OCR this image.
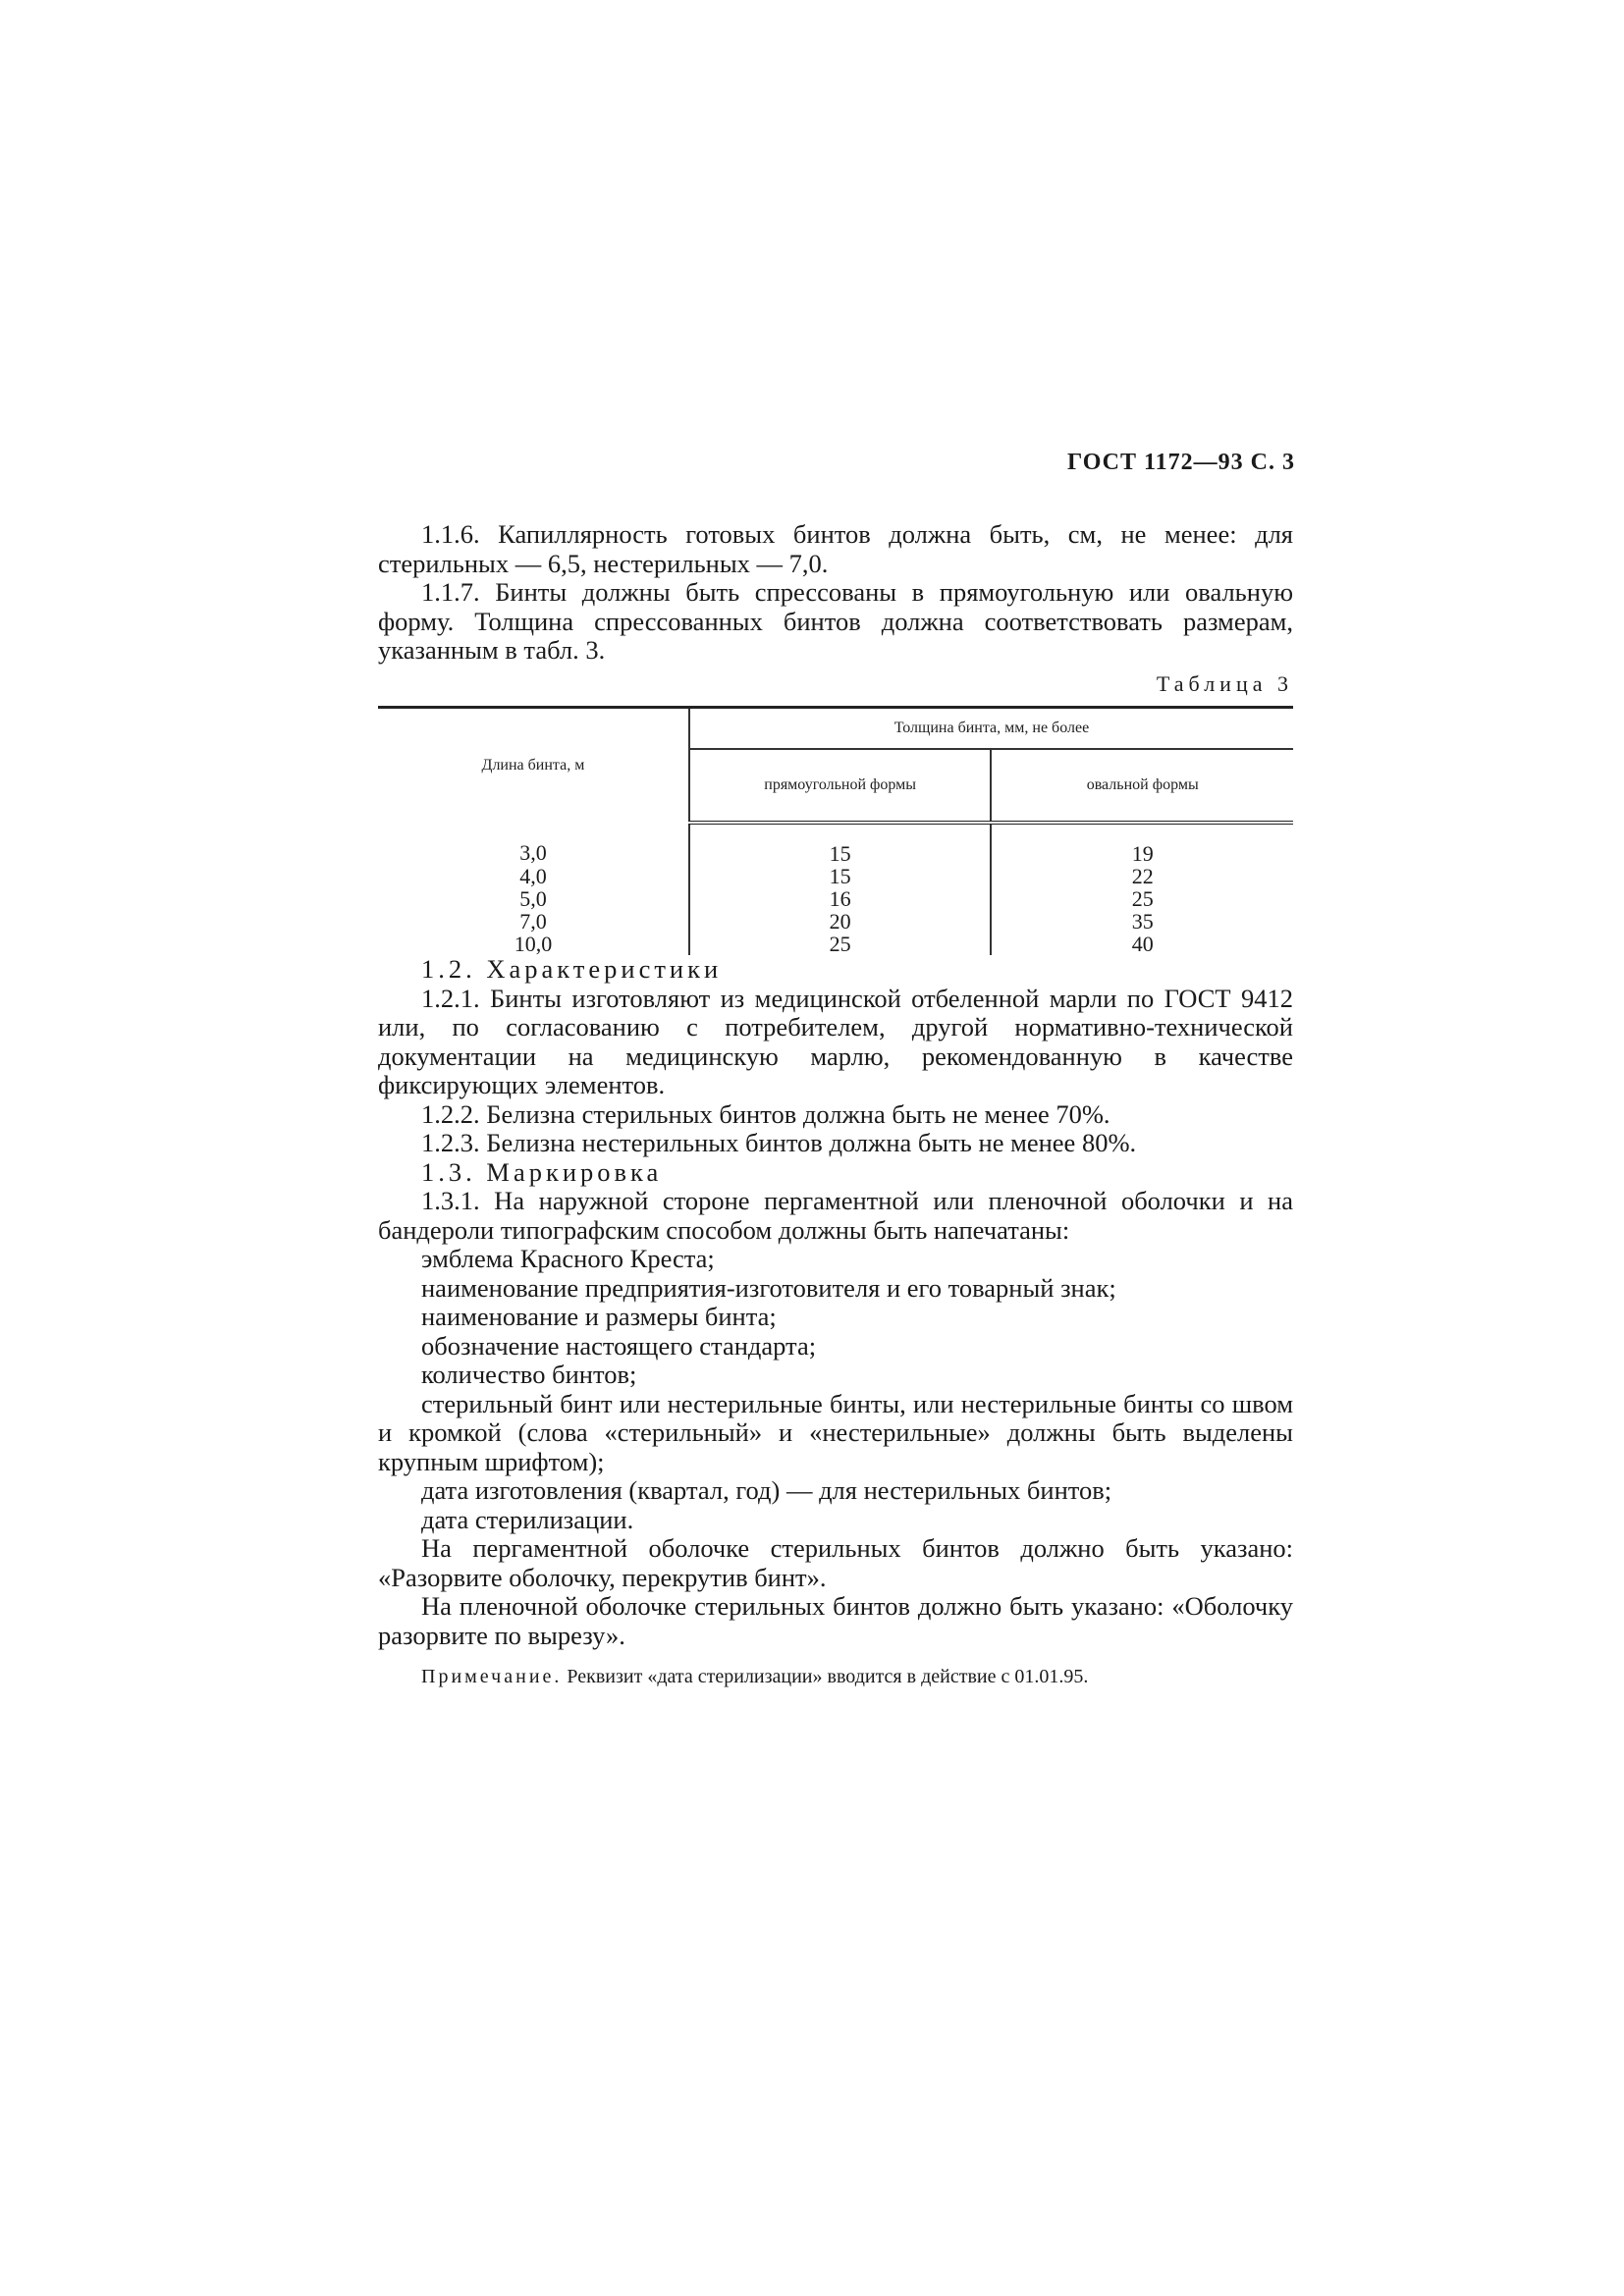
ГОСТ 1172—93 С. 3

1.1.6. Капиллярность готовых бинтов должна быть, см, не менее: для стерильных — 6,5, нестерильных — 7,0.

1.1.7. Бинты должны быть спрессованы в прямоугольную или овальную форму. Толщина спрессованных бинтов должна соответствовать размерам, указанным в табл. 3.

Таблица 3
Длина бинта, м	Толщина бинта, мм, не более	
	прямоугольной формы	овальной формы
3,0	15	19
4,0	15	22
5,0	16	25
7,0	20	35
10,0	25	40

1.2. Характеристики

1.2.1. Бинты изготовляют из медицинской отбеленной марли по ГОСТ 9412 или, по согласованию с потребителем, другой нормативно-технической документации на медицинскую марлю, рекомендованную в качестве фиксирующих элементов.

1.2.2. Белизна стерильных бинтов должна быть не менее 70%.

1.2.3. Белизна нестерильных бинтов должна быть не менее 80%.

1.3. Маркировка

1.3.1. На наружной стороне пергаментной или пленочной оболочки и на бандероли типографским способом должны быть напечатаны:

эмблема Красного Креста;
наименование предприятия-изготовителя и его товарный знак;
наименование и размеры бинта;
обозначение настоящего стандарта;
количество бинтов;

стерильный бинт или нестерильные бинты, или нестерильные бинты со швом и кромкой (слова «стерильный» и «нестерильные» должны быть выделены крупным шрифтом);

дата изготовления (квартал, год) — для нестерильных бинтов;
дата стерилизации.

На пергаментной оболочке стерильных бинтов должно быть указано: «Разорвите оболочку, перекрутив бинт».

На пленочной оболочке стерильных бинтов должно быть указано: «Оболочку разорвите по вырезу».

Примечание. Реквизит «дата стерилизации» вводится в действие с 01.01.95.
